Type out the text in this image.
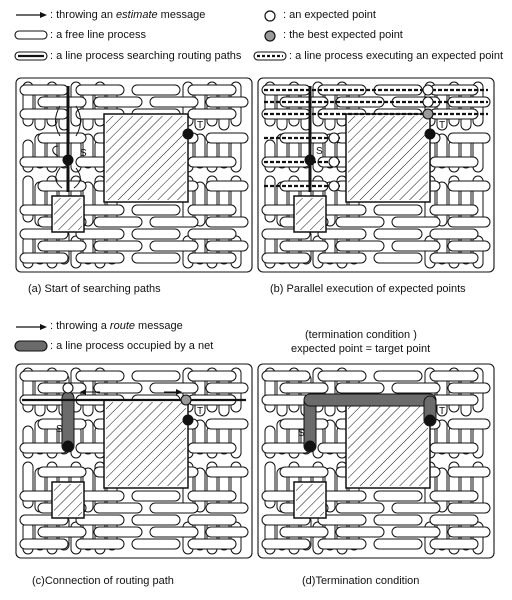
: throwing an estimate message
: a free line process
: a line process searching routing paths
: an expected point
: the best expected point
: a line process executing an expected point
S
T
(a) Start of searching paths
S
T
(b) Parallel execution of expected points
: throwing a route message
: a line process occupied by a net
(termination condition )
expected point = target point
S
T
(c)Connection of routing path
S
T
(d)Termination condition
